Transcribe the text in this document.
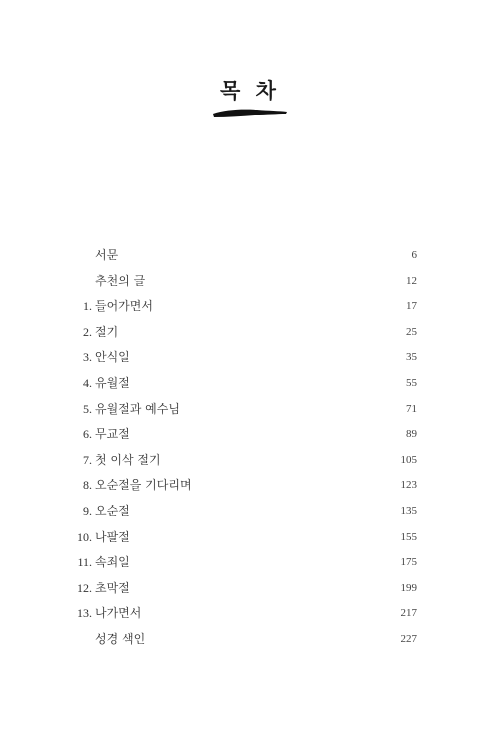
목 차
서문	6
추천의 글	12
1. 들어가면서	17
2. 절기	25
3. 안식일	35
4. 유월절	55
5. 유월절과 예수님	71
6. 무교절	89
7. 첫 이삭 절기	105
8. 오순절을 기다리며	123
9. 오순절	135
10. 나팔절	155
11. 속죄일	175
12. 초막절	199
13. 나가면서	217
성경 색인	227
